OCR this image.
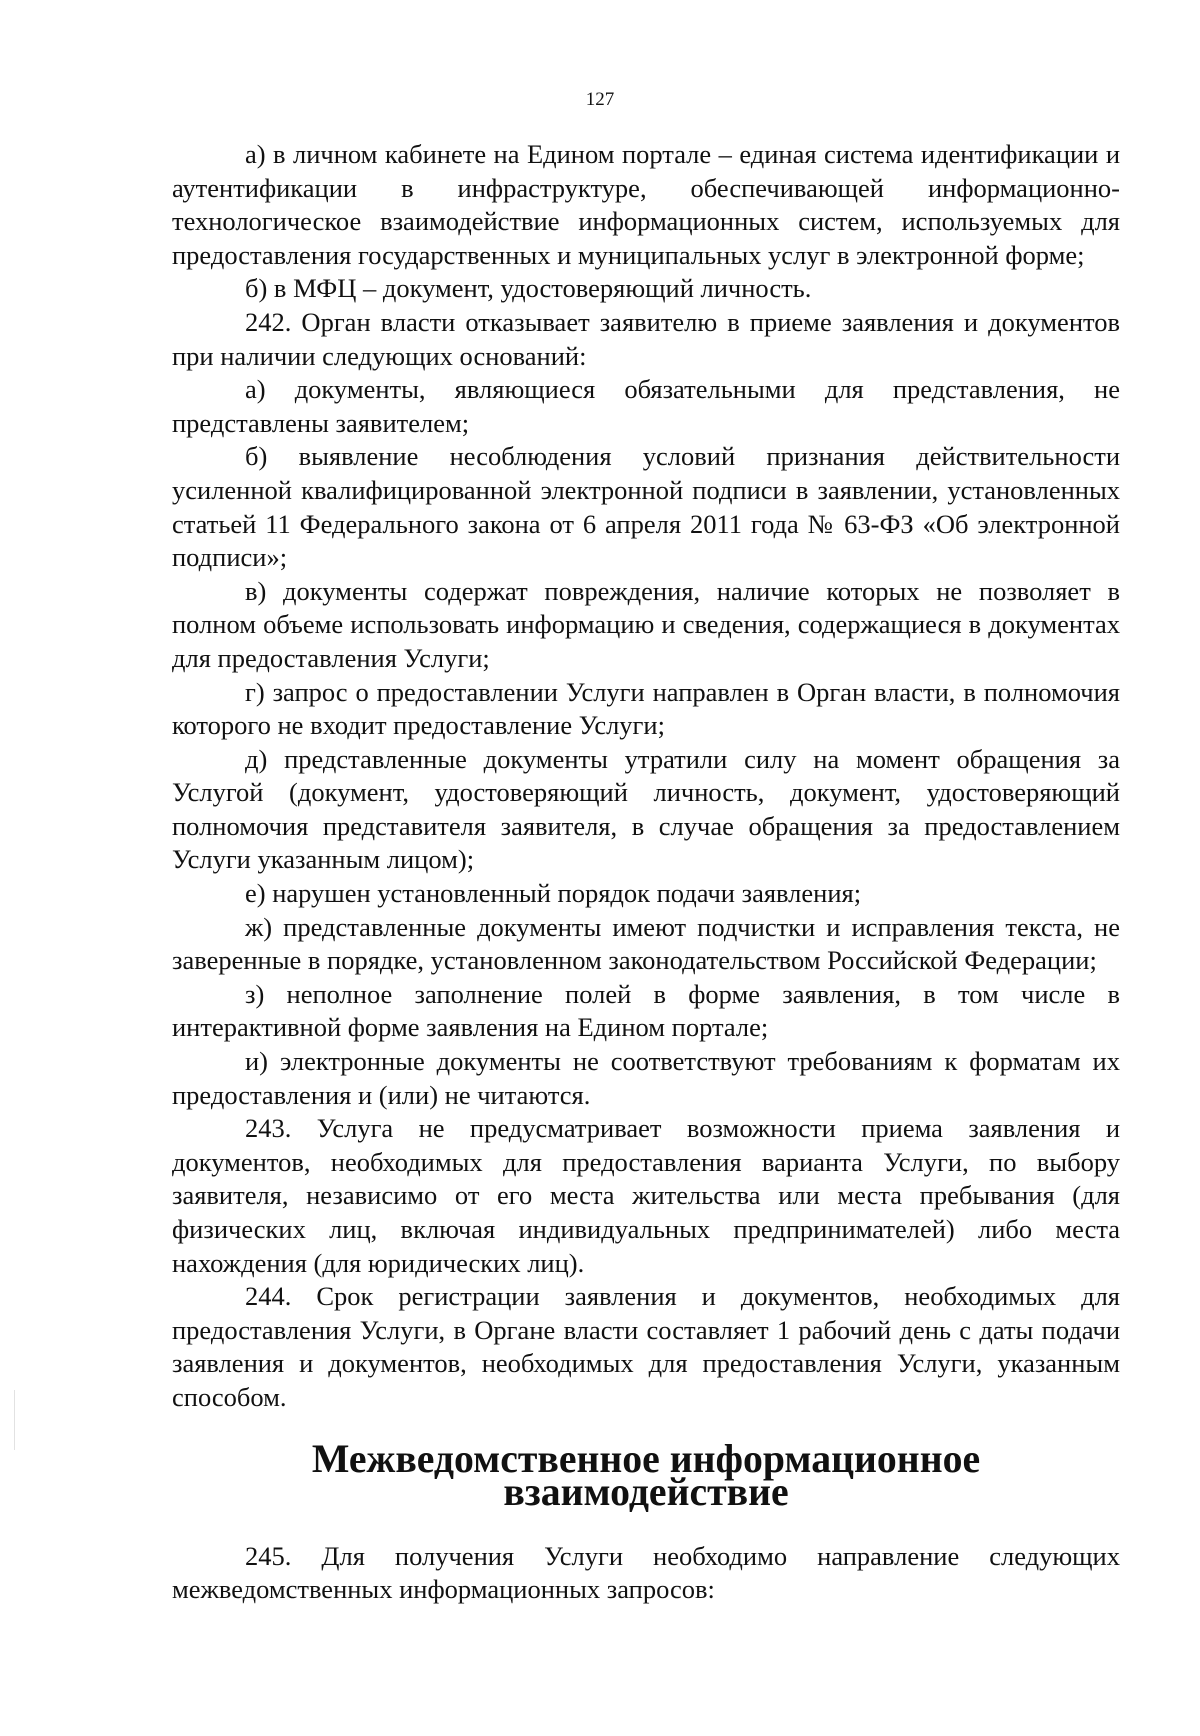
127

а) в личном кабинете на Едином портале – единая система идентификации и аутентификации в инфраструктуре, обеспечивающей информационно-технологическое взаимодействие информационных систем, используемых для предоставления государственных и муниципальных услуг в электронной форме;

б) в МФЦ – документ, удостоверяющий личность.

242. Орган власти отказывает заявителю в приеме заявления и документов при наличии следующих оснований:

а) документы, являющиеся обязательными для представления, не представлены заявителем;

б) выявление несоблюдения условий признания действительности усиленной квалифицированной электронной подписи в заявлении, установленных статьей 11 Федерального закона от 6 апреля 2011 года № 63-ФЗ «Об электронной подписи»;

в) документы содержат повреждения, наличие которых не позволяет в полном объеме использовать информацию и сведения, содержащиеся в документах для предоставления Услуги;

г) запрос о предоставлении Услуги направлен в Орган власти, в полномочия которого не входит предоставление Услуги;

д) представленные документы утратили силу на момент обращения за Услугой (документ, удостоверяющий личность, документ, удостоверяющий полномочия представителя заявителя, в случае обращения за предоставлением Услуги указанным лицом);

е) нарушен установленный порядок подачи заявления;

ж) представленные документы имеют подчистки и исправления текста, не заверенные в порядке, установленном законодательством Российской Федерации;

з) неполное заполнение полей в форме заявления, в том числе в интерактивной форме заявления на Едином портале;

и) электронные документы не соответствуют требованиям к форматам их предоставления и (или) не читаются.

243. Услуга не предусматривает возможности приема заявления и документов, необходимых для предоставления варианта Услуги, по выбору заявителя, независимо от его места жительства или места пребывания (для физических лиц, включая индивидуальных предпринимателей) либо места нахождения (для юридических лиц).

244. Срок регистрации заявления и документов, необходимых для предоставления Услуги, в Органе власти составляет 1 рабочий день с даты подачи заявления и документов, необходимых для предоставления Услуги, указанным способом.

Межведомственное информационное взаимодействие

245. Для получения Услуги необходимо направление следующих межведомственных информационных запросов:
